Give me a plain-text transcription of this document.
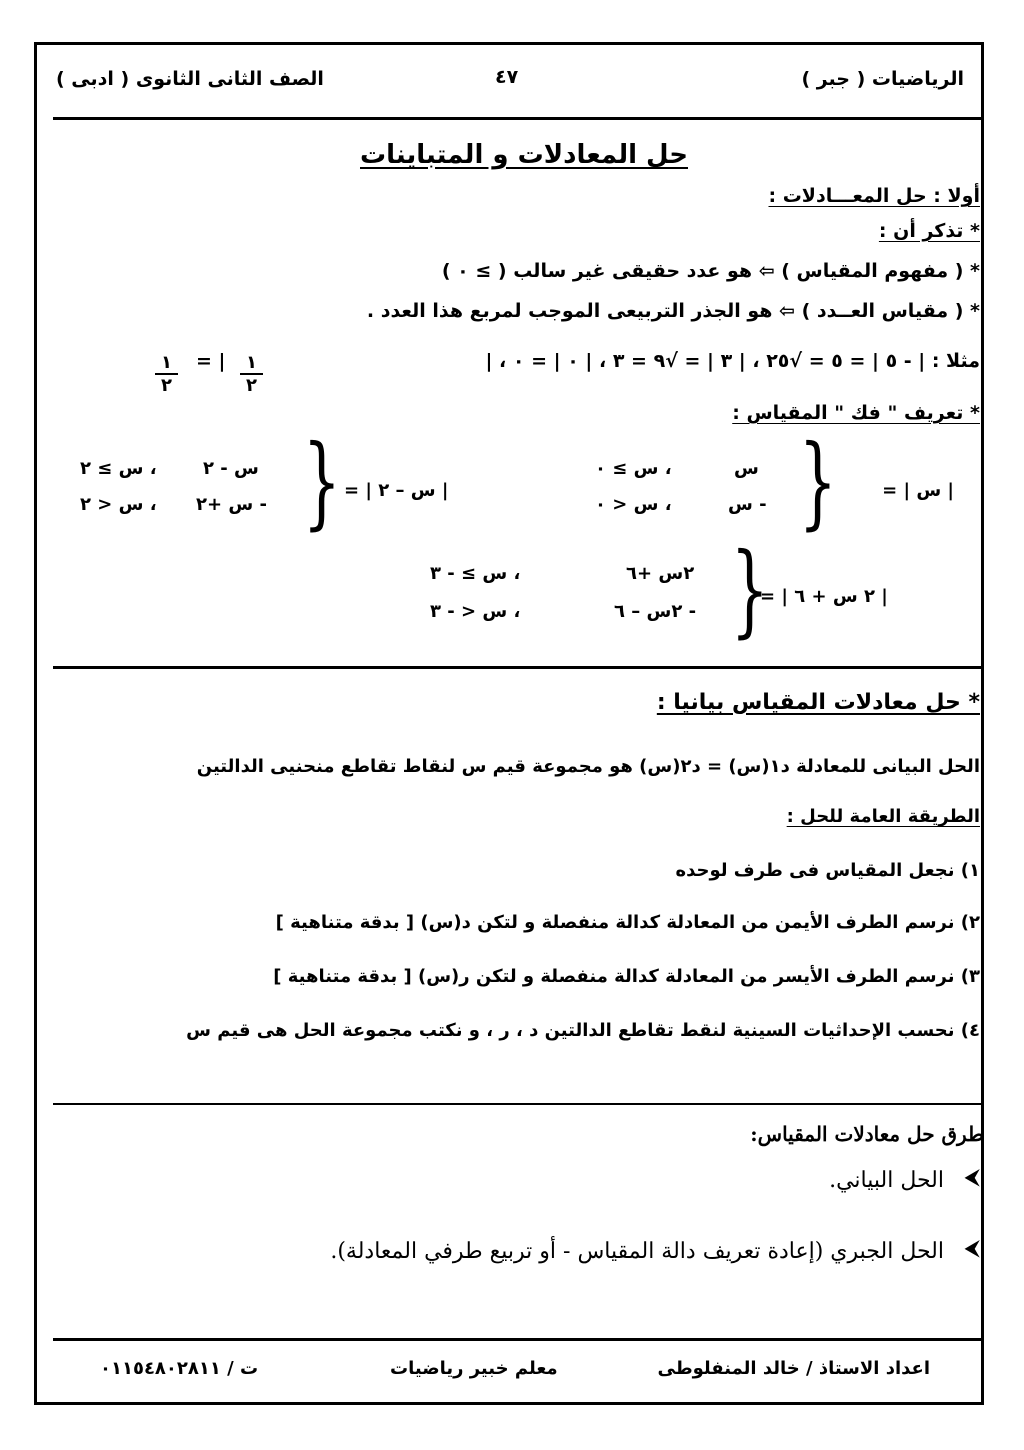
الرياضيات ( جبر )
٤٧
الصف الثانى الثانوى ( ادبى )
حل المعادلات و المتباينات
أولا : حل المعـــادلات :
* تذكر أن :
* ( مفهوم المقياس ) ⇦ هو عدد حقيقى غير سالب ( ≥ ٠ )
* ( مقياس العــدد ) ⇦ هو الجذر التربيعى الموجب لمربع هذا العدد .
مثلا : | - ٥ | = ٥ = √٢٥ ، | ٣ | = √٩ = ٣ ، | ٠ | = ٠ ، |
١
٢
| =
١
٢
* تعريف " فك " المقياس :
| س | =
}
س
، س ≥ ٠
- س
، س < ٠
| س – ٢ | =
}
س - ٢
، س ≥ ٢
- س +٢
، س < ٢
| ٢ س + ٦ | =
}
٢س +٦
، س ≥ - ٣
- ٢س – ٦
، س < - ٣
* حل معادلات المقياس بيانيا :
الحل البيانى للمعادلة د١(س) = د٢(س) هو مجموعة قيم س لنقاط تقاطع منحنيى الدالتين
الطريقة العامة للحل :
١) نجعل المقياس فى طرف لوحده
٢) نرسم الطرف الأيمن من المعادلة كدالة منفصلة و لتكن د(س) [ بدقة متناهية ]
٣) نرسم الطرف الأيسر من المعادلة كدالة منفصلة و لتكن ر(س) [ بدقة متناهية ]
٤) نحسب الإحداثيات السينية لنقط تقاطع الدالتين د ، ر ، و نكتب مجموعة الحل هى قيم س
طرق حل معادلات المقياس:
⮜
الحل البياني.
⮜
الحل الجبري (إعادة تعريف دالة المقياس - أو تربيع طرفي المعادلة).
اعداد الاستاذ / خالد المنفلوطى
معلم خبير رياضيات
ت / ٠١١٥٤٨٠٢٨١١
